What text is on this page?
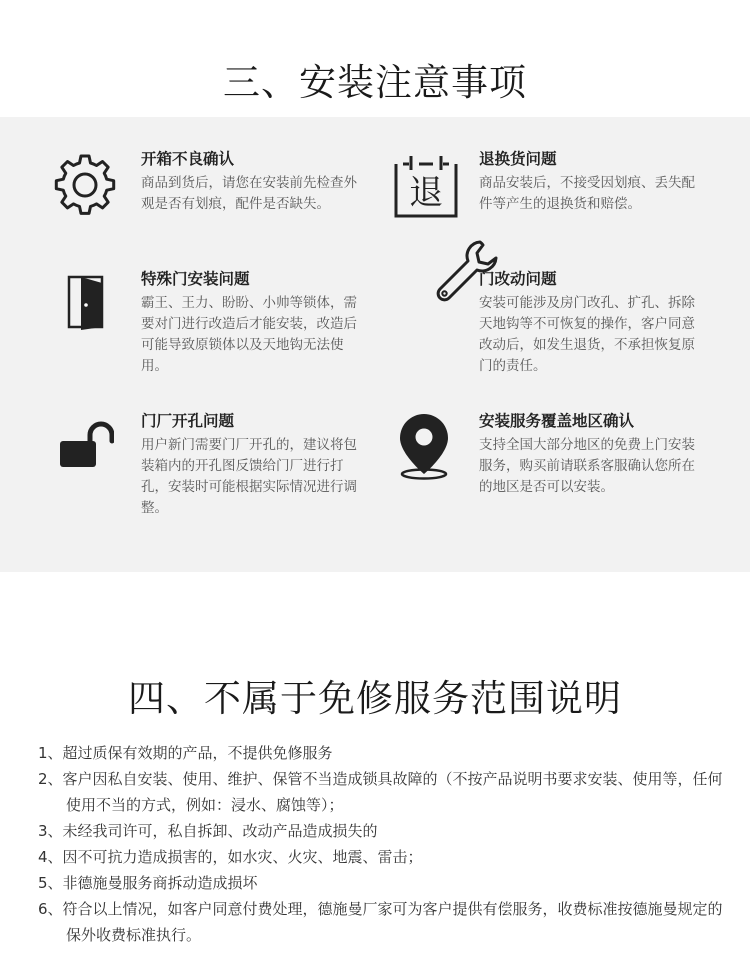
三、安装注意事项
开箱不良确认
商品到货后，请您在安装前先检查外观是否有划痕，配件是否缺失。	退
退换货问题
商品安装后，不接受因划痕、丢失配件等产生的退换货和赔偿。
特殊门安装问题
霸王、王力、盼盼、小帅等锁体，需要对门进行改造后才能安装，改造后可能导致原锁体以及天地钩无法使用。
门改动问题
安装可能涉及房门改孔、扩孔、拆除天地钩等不可恢复的操作，客户同意改动后，如发生退货，不承担恢复原门的责任。
门厂开孔问题
用户新门需要门厂开孔的，建议将包装箱内的开孔图反馈给门厂进行打孔，安装时可能根据实际情况进行调整。
安装服务覆盖地区确认
支持全国大部分地区的免费上门安装服务，购买前请联系客服确认您所在的地区是否可以安装。
四、不属于免修服务范围说明
1、超过质保有效期的产品，不提供免修服务
2、客户因私自安装、使用、维护、保管不当造成锁具故障的（不按产品说明书要求安装、使用等，任何使用不当的方式，例如：浸水、腐蚀等）；
3、未经我司许可，私自拆卸、改动产品造成损失的
4、因不可抗力造成损害的，如水灾、火灾、地震、雷击；
5、非德施曼服务商拆动造成损坏
6、符合以上情况，如客户同意付费处理，德施曼厂家可为客户提供有偿服务，收费标准按德施曼规定的保外收费标准执行。
